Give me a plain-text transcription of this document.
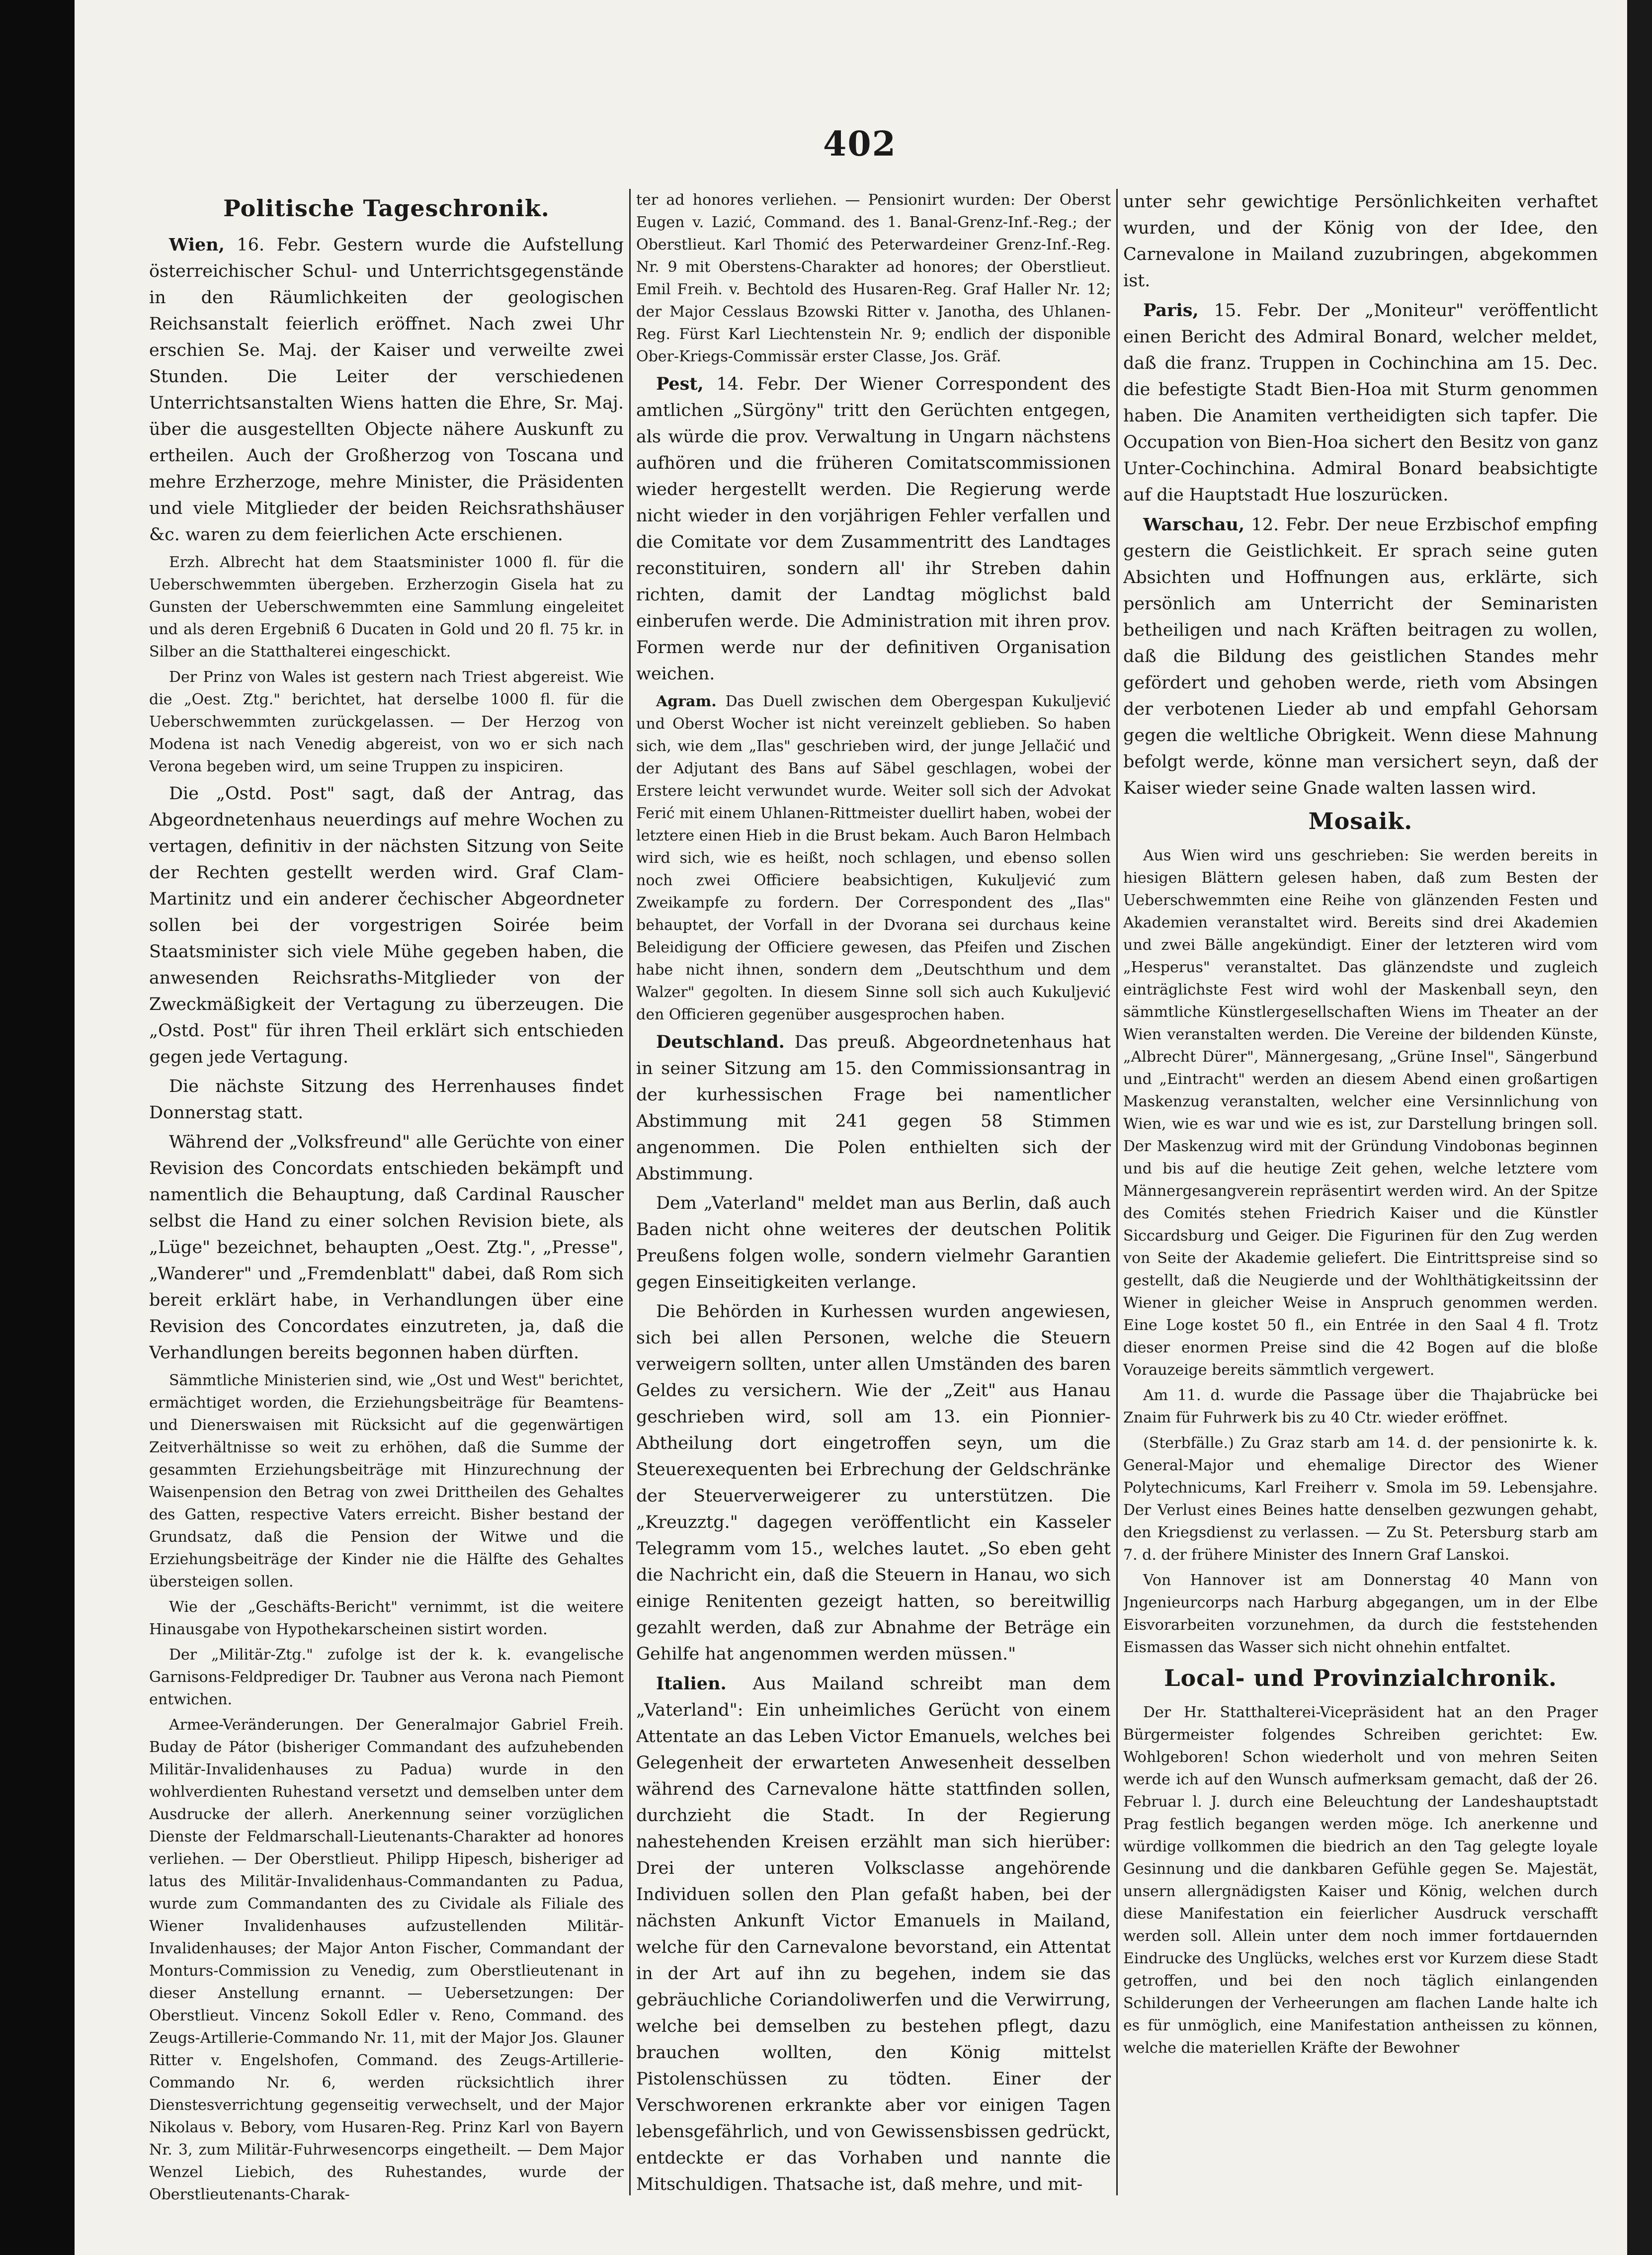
402
Politische Tageschronik.

Wien, 16. Febr. Gestern wurde die Aufstellung österreichischer Schul- und Unterrichtsgegenstände in den Räumlichkeiten der geologischen Reichsanstalt feierlich eröffnet. Nach zwei Uhr erschien Se. Maj. der Kaiser und verweilte zwei Stunden. Die Leiter der verschiedenen Unterrichtsanstalten Wiens hatten die Ehre, Sr. Maj. über die ausgestellten Objecte nähere Auskunft zu ertheilen. Auch der Großherzog von Toscana und mehre Erzherzoge, mehre Minister, die Präsidenten und viele Mitglieder der beiden Reichsrathshäuser &c. waren zu dem feierlichen Acte erschienen.

Erzh. Albrecht hat dem Staatsminister 1000 fl. für die Ueberschwemmten übergeben. Erzherzogin Gisela hat zu Gunsten der Ueberschwemmten eine Sammlung eingeleitet und als deren Ergebniß 6 Ducaten in Gold und 20 fl. 75 kr. in Silber an die Statthalterei eingeschickt.

Der Prinz von Wales ist gestern nach Triest abgereist. Wie die „Oest. Ztg." berichtet, hat derselbe 1000 fl. für die Ueberschwemmten zurückgelassen. — Der Herzog von Modena ist nach Venedig abgereist, von wo er sich nach Verona begeben wird, um seine Truppen zu inspiciren.

Die „Ostd. Post" sagt, daß der Antrag, das Abgeordnetenhaus neuerdings auf mehre Wochen zu vertagen, definitiv in der nächsten Sitzung von Seite der Rechten gestellt werden wird. Graf Clam-Martinitz und ein anderer čechischer Abgeordneter sollen bei der vorgestrigen Soirée beim Staatsminister sich viele Mühe gegeben haben, die anwesenden Reichsraths-Mitglieder von der Zweckmäßigkeit der Vertagung zu überzeugen. Die „Ostd. Post" für ihren Theil erklärt sich entschieden gegen jede Vertagung.

Die nächste Sitzung des Herrenhauses findet Donnerstag statt.

Während der „Volksfreund" alle Gerüchte von einer Revision des Concordats entschieden bekämpft und namentlich die Behauptung, daß Cardinal Rauscher selbst die Hand zu einer solchen Revision biete, als „Lüge" bezeichnet, behaupten „Oest. Ztg.", „Presse", „Wanderer" und „Fremdenblatt" dabei, daß Rom sich bereit erklärt habe, in Verhandlungen über eine Revision des Concordates einzutreten, ja, daß die Verhandlungen bereits begonnen haben dürften.

Sämmtliche Ministerien sind, wie „Ost und West" berichtet, ermächtiget worden, die Erziehungsbeiträge für Beamtens- und Dienerswaisen mit Rücksicht auf die gegenwärtigen Zeitverhältnisse so weit zu erhöhen, daß die Summe der gesammten Erziehungsbeiträge mit Hinzurechnung der Waisenpension den Betrag von zwei Drittheilen des Gehaltes des Gatten, respective Vaters erreicht. Bisher bestand der Grundsatz, daß die Pension der Witwe und die Erziehungsbeiträge der Kinder nie die Hälfte des Gehaltes übersteigen sollen.

Wie der „Geschäfts-Bericht" vernimmt, ist die weitere Hinausgabe von Hypothekarscheinen sistirt worden.

Der „Militär-Ztg." zufolge ist der k. k. evangelische Garnisons-Feldprediger Dr. Taubner aus Verona nach Piemont entwichen.

Armee-Veränderungen. Der Generalmajor Gabriel Freih. Buday de Pátor (bisheriger Commandant des aufzuhebenden Militär-Invalidenhauses zu Padua) wurde in den wohlverdienten Ruhestand versetzt und demselben unter dem Ausdrucke der allerh. Anerkennung seiner vorzüglichen Dienste der Feldmarschall-Lieutenants-Charakter ad honores verliehen. — Der Oberstlieut. Philipp Hipesch, bisheriger ad latus des Militär-Invalidenhaus-Commandanten zu Padua, wurde zum Commandanten des zu Cividale als Filiale des Wiener Invalidenhauses aufzustellenden Militär-Invalidenhauses; der Major Anton Fischer, Commandant der Monturs-Commission zu Venedig, zum Oberstlieutenant in dieser Anstellung ernannt. — Uebersetzungen: Der Oberstlieut. Vincenz Sokoll Edler v. Reno, Command. des Zeugs-Artillerie-Commando Nr. 11, mit der Major Jos. Glauner Ritter v. Engelshofen, Command. des Zeugs-Artillerie-Commando Nr. 6, werden rücksichtlich ihrer Dienstesverrichtung gegenseitig verwechselt, und der Major Nikolaus v. Bebory, vom Husaren-Reg. Prinz Karl von Bayern Nr. 3, zum Militär-Fuhrwesencorps eingetheilt. — Dem Major Wenzel Liebich, des Ruhestandes, wurde der Oberstlieutenants-Charak-

ter ad honores verliehen. — Pensionirt wurden: Der Oberst Eugen v. Lazić, Command. des 1. Banal-Grenz-Inf.-Reg.; der Oberstlieut. Karl Thomić des Peterwardeiner Grenz-Inf.-Reg. Nr. 9 mit Oberstens-Charakter ad honores; der Oberstlieut. Emil Freih. v. Bechtold des Husaren-Reg. Graf Haller Nr. 12; der Major Cesslaus Bzowski Ritter v. Janotha, des Uhlanen-Reg. Fürst Karl Liechtenstein Nr. 9; endlich der disponible Ober-Kriegs-Commissär erster Classe, Jos. Gräf.

Pest, 14. Febr. Der Wiener Correspondent des amtlichen „Sürgöny" tritt den Gerüchten entgegen, als würde die prov. Verwaltung in Ungarn nächstens aufhören und die früheren Comitatscommissionen wieder hergestellt werden. Die Regierung werde nicht wieder in den vorjährigen Fehler verfallen und die Comitate vor dem Zusammentritt des Landtages reconstituiren, sondern all' ihr Streben dahin richten, damit der Landtag möglichst bald einberufen werde. Die Administration mit ihren prov. Formen werde nur der definitiven Organisation weichen.

Agram. Das Duell zwischen dem Obergespan Kukuljević und Oberst Wocher ist nicht vereinzelt geblieben. So haben sich, wie dem „Ilas" geschrieben wird, der junge Jellačić und der Adjutant des Bans auf Säbel geschlagen, wobei der Erstere leicht verwundet wurde. Weiter soll sich der Advokat Ferić mit einem Uhlanen-Rittmeister duellirt haben, wobei der letztere einen Hieb in die Brust bekam. Auch Baron Helmbach wird sich, wie es heißt, noch schlagen, und ebenso sollen noch zwei Officiere beabsichtigen, Kukuljević zum Zweikampfe zu fordern. Der Correspondent des „Ilas" behauptet, der Vorfall in der Dvorana sei durchaus keine Beleidigung der Officiere gewesen, das Pfeifen und Zischen habe nicht ihnen, sondern dem „Deutschthum und dem Walzer" gegolten. In diesem Sinne soll sich auch Kukuljević den Officieren gegenüber ausgesprochen haben.

Deutschland. Das preuß. Abgeordnetenhaus hat in seiner Sitzung am 15. den Commissionsantrag in der kurhessischen Frage bei namentlicher Abstimmung mit 241 gegen 58 Stimmen angenommen. Die Polen enthielten sich der Abstimmung.

Dem „Vaterland" meldet man aus Berlin, daß auch Baden nicht ohne weiteres der deutschen Politik Preußens folgen wolle, sondern vielmehr Garantien gegen Einseitigkeiten verlange.

Die Behörden in Kurhessen wurden angewiesen, sich bei allen Personen, welche die Steuern verweigern sollten, unter allen Umständen des baren Geldes zu versichern. Wie der „Zeit" aus Hanau geschrieben wird, soll am 13. ein Pionnier-Abtheilung dort eingetroffen seyn, um die Steuerexequenten bei Erbrechung der Geldschränke der Steuerverweigerer zu unterstützen. Die „Kreuzztg." dagegen veröffentlicht ein Kasseler Telegramm vom 15., welches lautet. „So eben geht die Nachricht ein, daß die Steuern in Hanau, wo sich einige Renitenten gezeigt hatten, so bereitwillig gezahlt werden, daß zur Abnahme der Beträge ein Gehilfe hat angenommen werden müssen."

Italien. Aus Mailand schreibt man dem „Vaterland": Ein unheimliches Gerücht von einem Attentate an das Leben Victor Emanuels, welches bei Gelegenheit der erwarteten Anwesenheit desselben während des Carnevalone hätte stattfinden sollen, durchzieht die Stadt. In der Regierung nahestehenden Kreisen erzählt man sich hierüber: Drei der unteren Volksclasse angehörende Individuen sollen den Plan gefaßt haben, bei der nächsten Ankunft Victor Emanuels in Mailand, welche für den Carnevalone bevorstand, ein Attentat in der Art auf ihn zu begehen, indem sie das gebräuchliche Coriandoliwerfen und die Verwirrung, welche bei demselben zu bestehen pflegt, dazu brauchen wollten, den König mittelst Pistolenschüssen zu tödten. Einer der Verschworenen erkrankte aber vor einigen Tagen lebensgefährlich, und von Gewissensbissen gedrückt, entdeckte er das Vorhaben und nannte die Mitschuldigen. Thatsache ist, daß mehre, und mit-

unter sehr gewichtige Persönlichkeiten verhaftet wurden, und der König von der Idee, den Carnevalone in Mailand zuzubringen, abgekommen ist.

Paris, 15. Febr. Der „Moniteur" veröffentlicht einen Bericht des Admiral Bonard, welcher meldet, daß die franz. Truppen in Cochinchina am 15. Dec. die befestigte Stadt Bien-Hoa mit Sturm genommen haben. Die Anamiten vertheidigten sich tapfer. Die Occupation von Bien-Hoa sichert den Besitz von ganz Unter-Cochinchina. Admiral Bonard beabsichtigte auf die Hauptstadt Hue loszurücken.

Warschau, 12. Febr. Der neue Erzbischof empfing gestern die Geistlichkeit. Er sprach seine guten Absichten und Hoffnungen aus, erklärte, sich persönlich am Unterricht der Seminaristen betheiligen und nach Kräften beitragen zu wollen, daß die Bildung des geistlichen Standes mehr gefördert und gehoben werde, rieth vom Absingen der verbotenen Lieder ab und empfahl Gehorsam gegen die weltliche Obrigkeit. Wenn diese Mahnung befolgt werde, könne man versichert seyn, daß der Kaiser wieder seine Gnade walten lassen wird.

Mosaik.

Aus Wien wird uns geschrieben: Sie werden bereits in hiesigen Blättern gelesen haben, daß zum Besten der Ueberschwemmten eine Reihe von glänzenden Festen und Akademien veranstaltet wird. Bereits sind drei Akademien und zwei Bälle angekündigt. Einer der letzteren wird vom „Hesperus" veranstaltet. Das glänzendste und zugleich einträglichste Fest wird wohl der Maskenball seyn, den sämmtliche Künstlergesellschaften Wiens im Theater an der Wien veranstalten werden. Die Vereine der bildenden Künste, „Albrecht Dürer", Männergesang, „Grüne Insel", Sängerbund und „Eintracht" werden an diesem Abend einen großartigen Maskenzug veranstalten, welcher eine Versinnlichung von Wien, wie es war und wie es ist, zur Darstellung bringen soll. Der Maskenzug wird mit der Gründung Vindobonas beginnen und bis auf die heutige Zeit gehen, welche letztere vom Männergesangverein repräsentirt werden wird. An der Spitze des Comités stehen Friedrich Kaiser und die Künstler Siccardsburg und Geiger. Die Figurinen für den Zug werden von Seite der Akademie geliefert. Die Eintrittspreise sind so gestellt, daß die Neugierde und der Wohlthätigkeitssinn der Wiener in gleicher Weise in Anspruch genommen werden. Eine Loge kostet 50 fl., ein Entrée in den Saal 4 fl. Trotz dieser enormen Preise sind die 42 Bogen auf die bloße Vorauzeige bereits sämmtlich vergewert.

Am 11. d. wurde die Passage über die Thajabrücke bei Znaim für Fuhrwerk bis zu 40 Ctr. wieder eröffnet.

(Sterbfälle.) Zu Graz starb am 14. d. der pensionirte k. k. General-Major und ehemalige Director des Wiener Polytechnicums, Karl Freiherr v. Smola im 59. Lebensjahre. Der Verlust eines Beines hatte denselben gezwungen gehabt, den Kriegsdienst zu verlassen. — Zu St. Petersburg starb am 7. d. der frühere Minister des Innern Graf Lanskoi.

Von Hannover ist am Donnerstag 40 Mann von Jngenieurcorps nach Harburg abgegangen, um in der Elbe Eisvorarbeiten vorzunehmen, da durch die feststehenden Eismassen das Wasser sich nicht ohnehin entfaltet.

Local- und Provinzialchronik.

Der Hr. Statthalterei-Vicepräsident hat an den Prager Bürgermeister folgendes Schreiben gerichtet: Ew. Wohlgeboren! Schon wiederholt und von mehren Seiten werde ich auf den Wunsch aufmerksam gemacht, daß der 26. Februar l. J. durch eine Beleuchtung der Landeshauptstadt Prag festlich begangen werden möge. Ich anerkenne und würdige vollkommen die biedrich an den Tag gelegte loyale Gesinnung und die dankbaren Gefühle gegen Se. Majestät, unsern allergnädigsten Kaiser und König, welchen durch diese Manifestation ein feierlicher Ausdruck verschafft werden soll. Allein unter dem noch immer fortdauernden Eindrucke des Unglücks, welches erst vor Kurzem diese Stadt getroffen, und bei den noch täglich einlangenden Schilderungen der Verheerungen am flachen Lande halte ich es für unmöglich, eine Manifestation antheissen zu können, welche die materiellen Kräfte der Bewohner
